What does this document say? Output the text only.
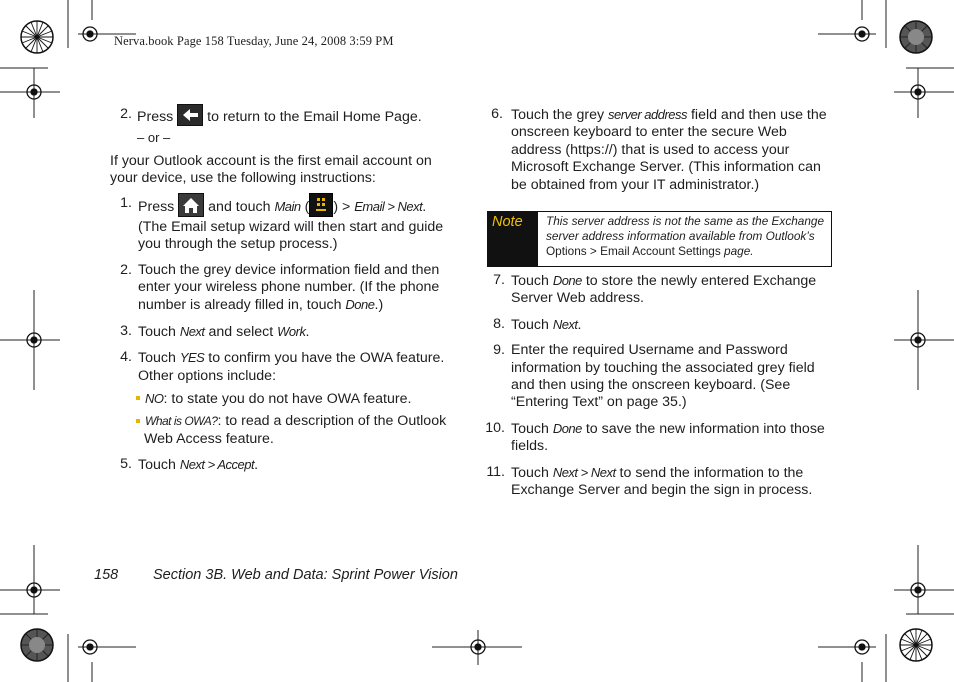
Nerva.book Page 158 Tuesday, June 24, 2008 3:59 PM
2. Press to return to the Email Home Page.
– or –
If your Outlook account is the first email account on
your device, use the following instructions:
1. Press and touch Main ( ) > Email > Next.
(The Email setup wizard will then start and guide
you through the setup process.)
2. Touch the grey device information field and then
enter your wireless phone number. (If the phone
number is already filled in, touch Done.)
3. Touch Next and select Work.
4. Touch YES to confirm you have the OWA feature.
Other options include:
NO: to state you do not have OWA feature.
What is OWA?: to read a description of the Outlook
Web Access feature.
5. Touch Next > Accept.
6. Touch the grey server address field and then use the
onscreen keyboard to enter the secure Web
address (https://) that is used to access your
Microsoft Exchange Server. (This information can
be obtained from your IT administrator.)
Note	This server address is not the same as the Exchange
server address information available from Outlook’s
Options > Email Account Settings page.
7. Touch Done to store the newly entered Exchange
Server Web address.
8. Touch Next.
9. Enter the required Username and Password
information by touching the associated grey field
and then using the onscreen keyboard. (See
“Entering Text” on page 35.)
10. Touch Done to save the new information into those
fields.
11. Touch Next > Next to send the information to the
Exchange Server and begin the sign in process.
158 Section 3B. Web and Data: Sprint Power Vision
